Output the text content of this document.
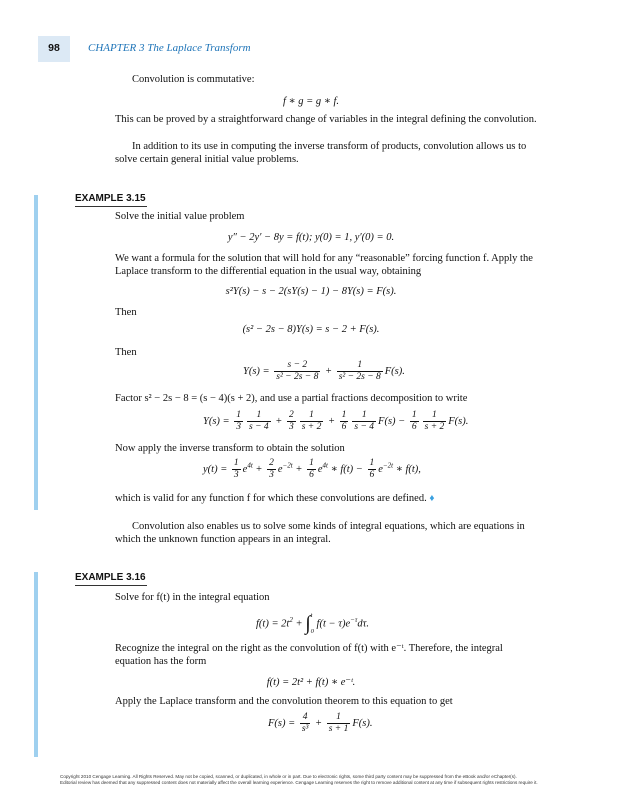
98	CHAPTER 3 The Laplace Transform
Convolution is commutative:
f ∗ g = g ∗ f.
This can be proved by a straightforward change of variables in the integral defining the convolution.
In addition to its use in computing the inverse transform of products, convolution allows us to solve certain general initial value problems.
EXAMPLE 3.15
Solve the initial value problem
y″ − 2y′ − 8y = f(t); y(0) = 1, y′(0) = 0.
We want a formula for the solution that will hold for any “reasonable” forcing function f. Apply the Laplace transform to the differential equation in the usual way, obtaining
s²Y(s) − s − 2(sY(s) − 1) − 8Y(s) = F(s).
Then
(s² − 2s − 8)Y(s) = s − 2 + F(s).
Then
$Y(s) = \frac{s - 2}{\text{s² − 2s − 8}} + \frac{1}{\text{s² − 2s − 8}} F(s)$.
Factor s² − 2s − 8 = (s − 4)(s + 2), and use a partial fractions decomposition to write
$Y(s) = \frac{1}{3} \frac{1}{s - 4} + \frac{2}{3} \frac{1}{s + 2} + \frac{1}{6} \frac{1}{s - 4} F(s) - \frac{1}{6} \frac{1}{s + 2} F(s)$.
Now apply the inverse transform to obtain the solution
$y(t) = \frac{1}{3} e^{4t} + \frac{2}{3} e^{-2t} + \frac{1}{6} e^{4t}$ ∗ $f(t) - \frac{1}{6} e^{-2t}$ ∗ f(t),
which is valid for any function f for which these convolutions are defined. ♦
Convolution also enables us to solve some kinds of integral equations, which are equations in which the unknown function appears in an integral.
EXAMPLE 3.16
Solve for f(t) in the integral equation
$f(t) = 2t^2$ + ∫ t
0
$f(t - \tau)e^{-\tau}d\tau$.
Recognize the integral on the right as the convolution of f(t) with e⁻ᵗ. Therefore, the integral equation has the form
f(t) = 2t² + f(t) ∗ e⁻ᵗ.
Apply the Laplace transform and the convolution theorem to this equation to get
$F(s) = \frac{4}{\text{s³}} + \frac{1}{s + 1} F(s)$.
Copyright 2010 Cengage Learning. All Rights Reserved. May not be copied, scanned, or duplicated, in whole or in part. Due to electronic rights, some third party content may be suppressed from the eBook and/or eChapter(s).
Editorial review has deemed that any suppressed content does not materially affect the overall learning experience. Cengage Learning reserves the right to remove additional content at any time if subsequent rights restrictions require it.
